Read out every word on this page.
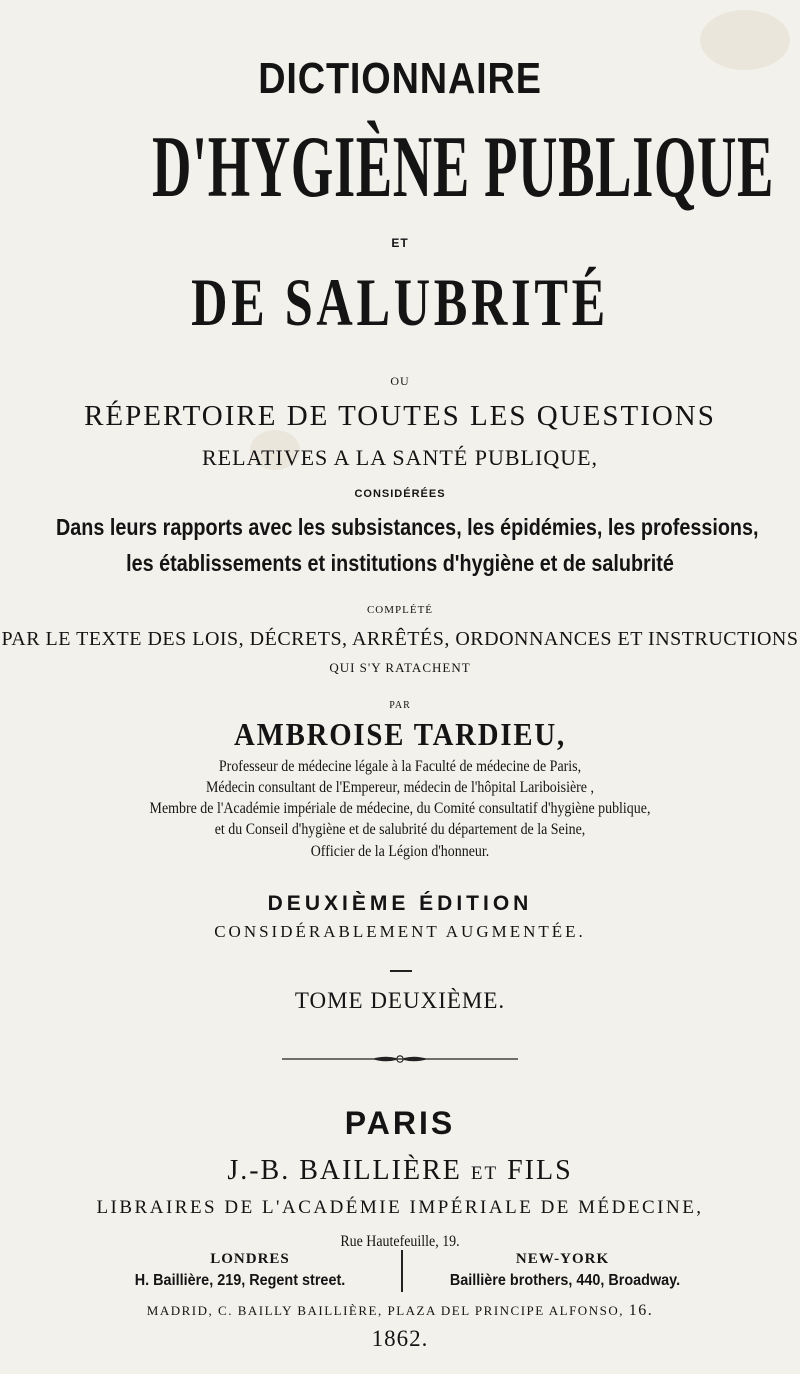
DICTIONNAIRE

D'HYGIÈNE PUBLIQUE

ET

DE SALUBRITÉ

OU

RÉPERTOIRE DE TOUTES LES QUESTIONS

RELATIVES A LA SANTÉ PUBLIQUE,

CONSIDÉRÉES

Dans leurs rapports avec les subsistances, les épidémies, les professions,

les établissements et institutions d'hygiène et de salubrité

COMPLÉTÉ

PAR LE TEXTE DES LOIS, DÉCRETS, ARRÊTÉS, ORDONNANCES ET INSTRUCTIONS

QUI S'Y RATACHENT

PAR

AMBROISE TARDIEU,

Professeur de médecine légale à la Faculté de médecine de Paris,

Médecin consultant de l'Empereur, médecin de l'hôpital Lariboisière ,

Membre de l'Académie impériale de médecine, du Comité consultatif d'hygiène publique,

et du Conseil d'hygiène et de salubrité du département de la Seine,

Officier de la Légion d'honneur.

DEUXIÈME ÉDITION

CONSIDÉRABLEMENT AUGMENTÉE.

TOME DEUXIÈME.

PARIS

J.-B. BAILLIÈRE ET FILS

LIBRAIRES DE L'ACADÉMIE IMPÉRIALE DE MÉDECINE,

Rue Hautefeuille, 19.

LONDRES	NEW-YORK
H. Baillière, 219, Regent street.	Baillière brothers, 440, Broadway.

MADRID, C. BAILLY BAILLIÈRE, PLAZA DEL PRINCIPE ALFONSO, 16.

1862.
